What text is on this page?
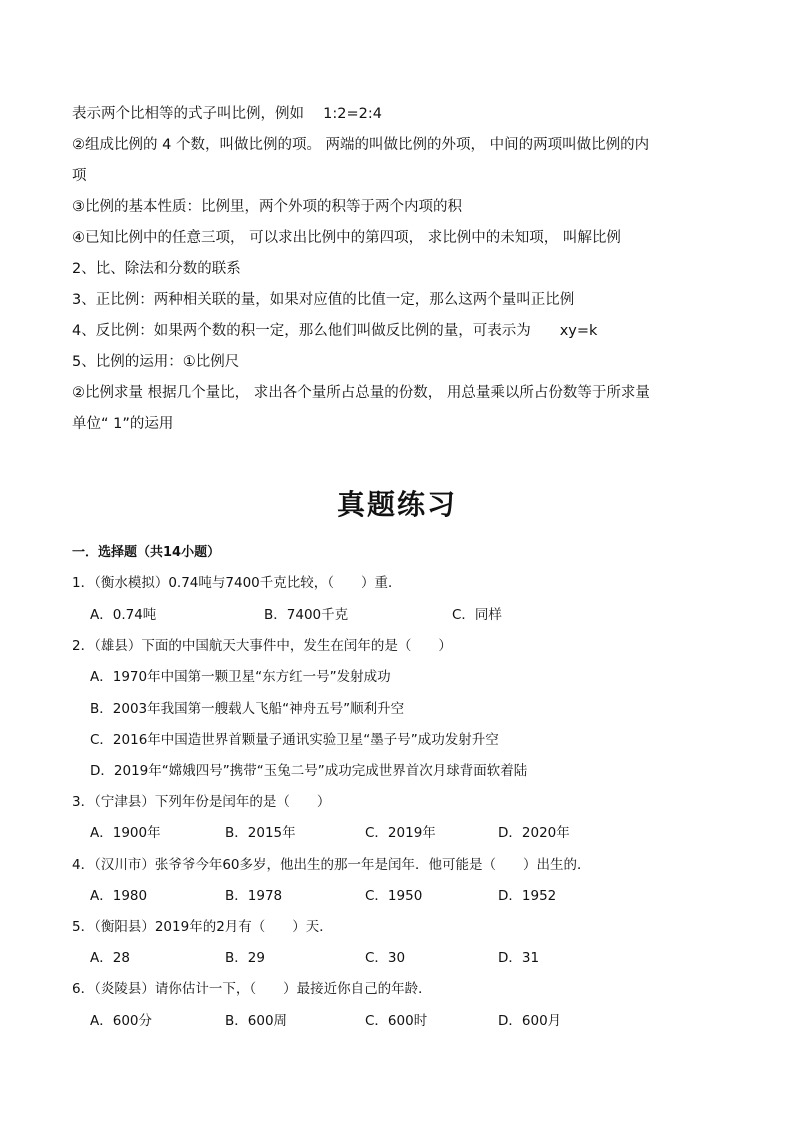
表示两个比相等的式子叫比例，例如　 1:2=2:4
②组成比例的 4 个数，叫做比例的项。 两端的叫做比例的外项， 中间的两项叫做比例的内
项
③比例的基本性质：比例里，两个外项的积等于两个内项的积
④已知比例中的任意三项， 可以求出比例中的第四项， 求比例中的未知项， 叫解比例
2、比、除法和分数的联系
3、正比例：两种相关联的量，如果对应值的比值一定，那么这两个量叫正比例
4、反比例：如果两个数的积一定，那么他们叫做反比例的量，可表示为　　xy=k
5、比例的运用：①比例尺
②比例求量 根据几个量比， 求出各个量所占总量的份数， 用总量乘以所占份数等于所求量
单位“ 1”的运用
真题练习
一．选择题（共14小题）
1．（衡水模拟）0.74吨与7400千克比较，（　　）重．
A．0.74吨	B．7400千克	C．同样
2．（雄县）下面的中国航天大事件中，发生在闰年的是（　　）
A．1970年中国第一颗卫星“东方红一号”发射成功
B．2003年我国第一艘载人飞船“神舟五号”顺利升空
C．2016年中国造世界首颗量子通讯实验卫星“墨子号”成功发射升空
D．2019年“嫦娥四号”携带“玉兔二号”成功完成世界首次月球背面软着陆
3．（宁津县）下列年份是闰年的是（　　）
A．1900年	B．2015年	C．2019年	D．2020年
4．（汉川市）张爷爷今年60多岁，他出生的那一年是闰年．他可能是（　　）出生的．
A．1980	B．1978	C．1950	D．1952
5．（衡阳县）2019年的2月有（　　）天．
A．28	B．29	C．30	D．31
6．（炎陵县）请你估计一下，（　　）最接近你自己的年龄．
A．600分	B．600周	C．600时	D．600月
